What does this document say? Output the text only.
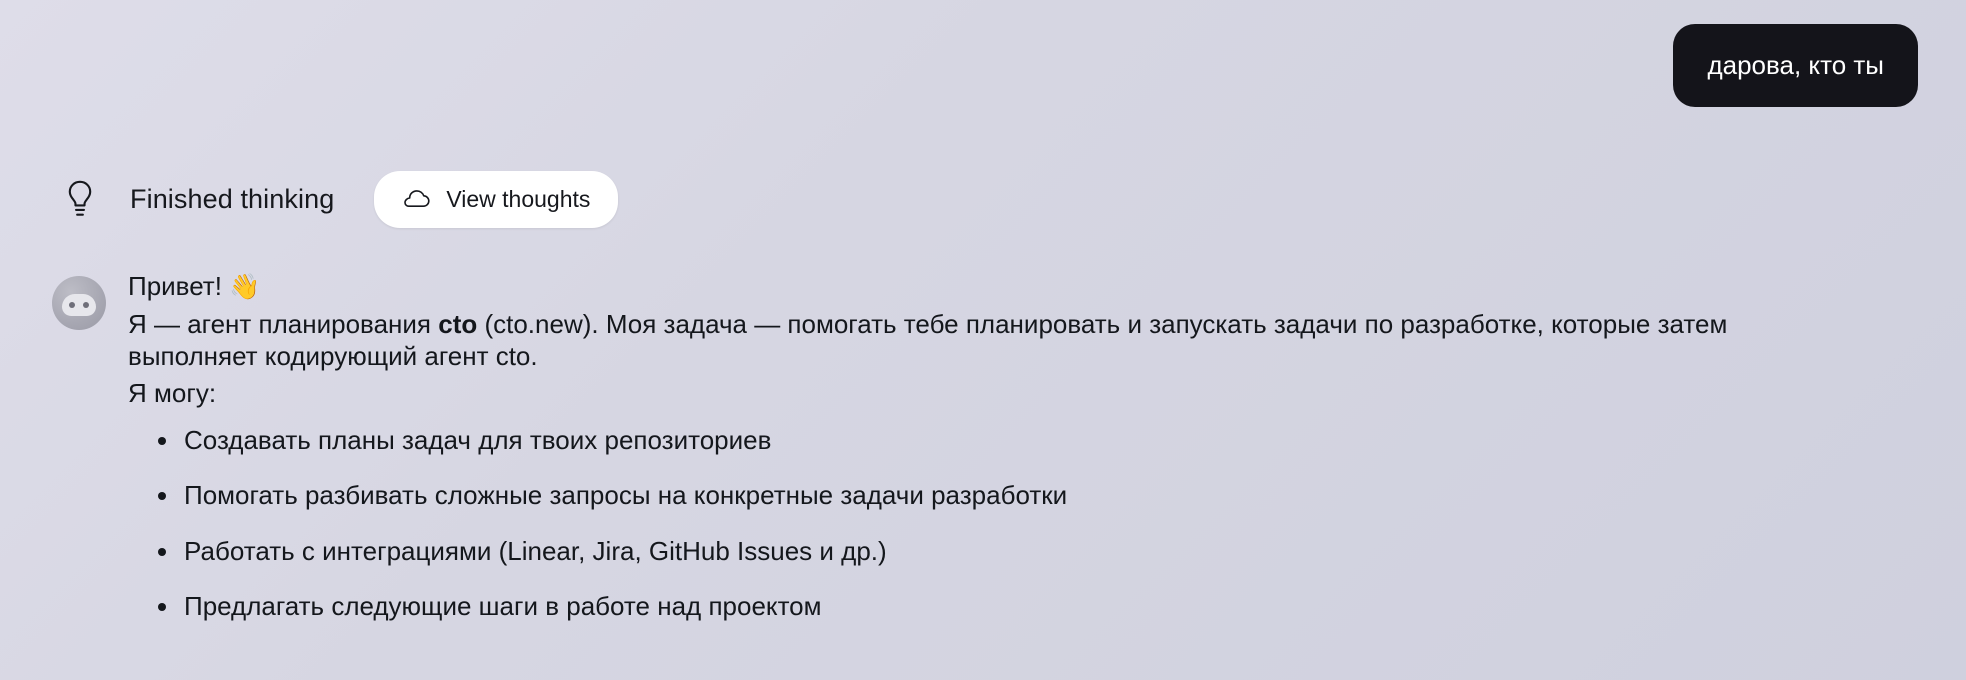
дарова, кто ты
Finished thinking	View thoughts

Привет! 👋

Я — агент планирования cto (cto.new). Моя задача — помогать тебе планировать и запускать задачи по разработке, которые затем выполняет кодирующий агент cto.

Я могу:

Создавать планы задач для твоих репозиториев
Помогать разбивать сложные запросы на конкретные задачи разработки
Работать с интеграциями (Linear, Jira, GitHub Issues и др.)
Предлагать следующие шаги в работе над проектом
